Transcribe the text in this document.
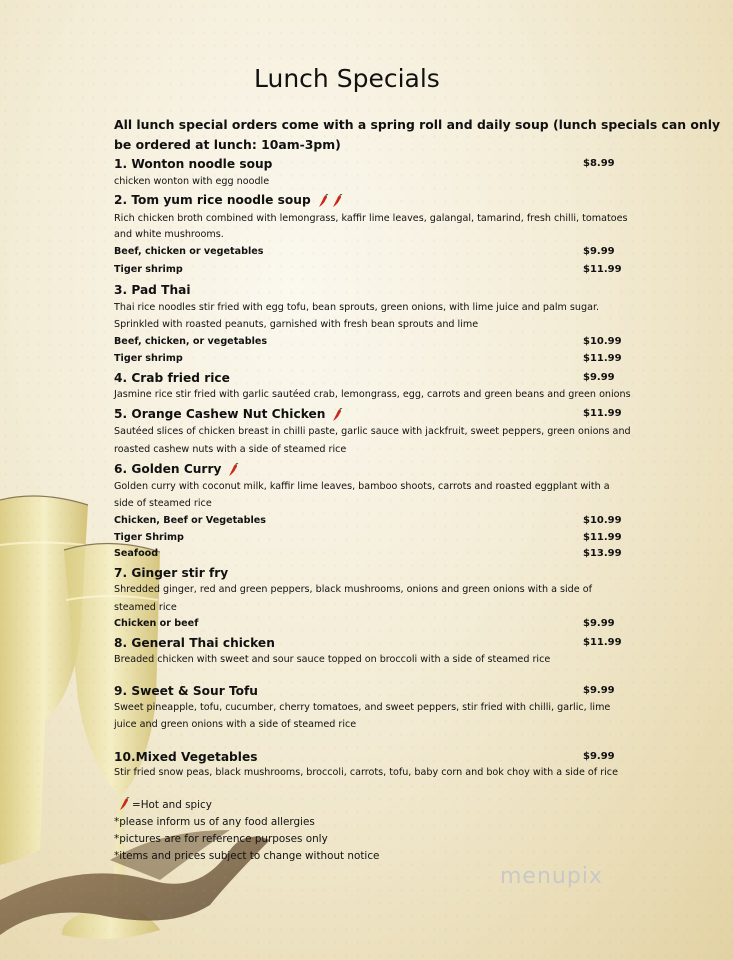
Lunch Specials
All lunch special orders come with a spring roll and daily soup (lunch specials can only
be ordered at lunch: 10am-3pm)
1. Wonton noodle soup	$8.99
chicken wonton with egg noodle
2. Tom yum rice noodle soup
Rich chicken broth combined with lemongrass, kaffir lime leaves, galangal, tamarind, fresh chilli, tomatoes
and white mushrooms.
Beef, chicken or vegetables	$9.99
Tiger shrimp	$11.99
3. Pad Thai
Thai rice noodles stir fried with egg tofu, bean sprouts, green onions, with lime juice and palm sugar.
Sprinkled with roasted peanuts, garnished with fresh bean sprouts and lime
Beef, chicken, or vegetables	$10.99
Tiger shrimp	$11.99
4. Crab fried rice	$9.99
Jasmine rice stir fried with garlic sautéed crab, lemongrass, egg, carrots and green beans and green onions
5. Orange Cashew Nut Chicken	$11.99
Sautéed slices of chicken breast in chilli paste, garlic sauce with jackfruit, sweet peppers, green onions and
roasted cashew nuts with a side of steamed rice
6. Golden Curry
Golden curry with coconut milk, kaffir lime leaves, bamboo shoots, carrots and roasted eggplant with a
side of steamed rice
Chicken, Beef or Vegetables	$10.99
Tiger Shrimp	$11.99
Seafood	$13.99
7. Ginger stir fry
Shredded ginger, red and green peppers, black mushrooms, onions and green onions with a side of
steamed rice
Chicken or beef	$9.99
8. General Thai chicken	$11.99
Breaded chicken with sweet and sour sauce topped on broccoli with a side of steamed rice
9. Sweet & Sour Tofu	$9.99
Sweet pineapple, tofu, cucumber, cherry tomatoes, and sweet peppers, stir fried with chilli, garlic, lime
juice and green onions with a side of steamed rice
10.Mixed Vegetables	$9.99
Stir fried snow peas, black mushrooms, broccoli, carrots, tofu, baby corn and bok choy with a side of rice
=Hot and spicy
*please inform us of any food allergies
*pictures are for reference purposes only
*items and prices subject to change without notice
menupix
